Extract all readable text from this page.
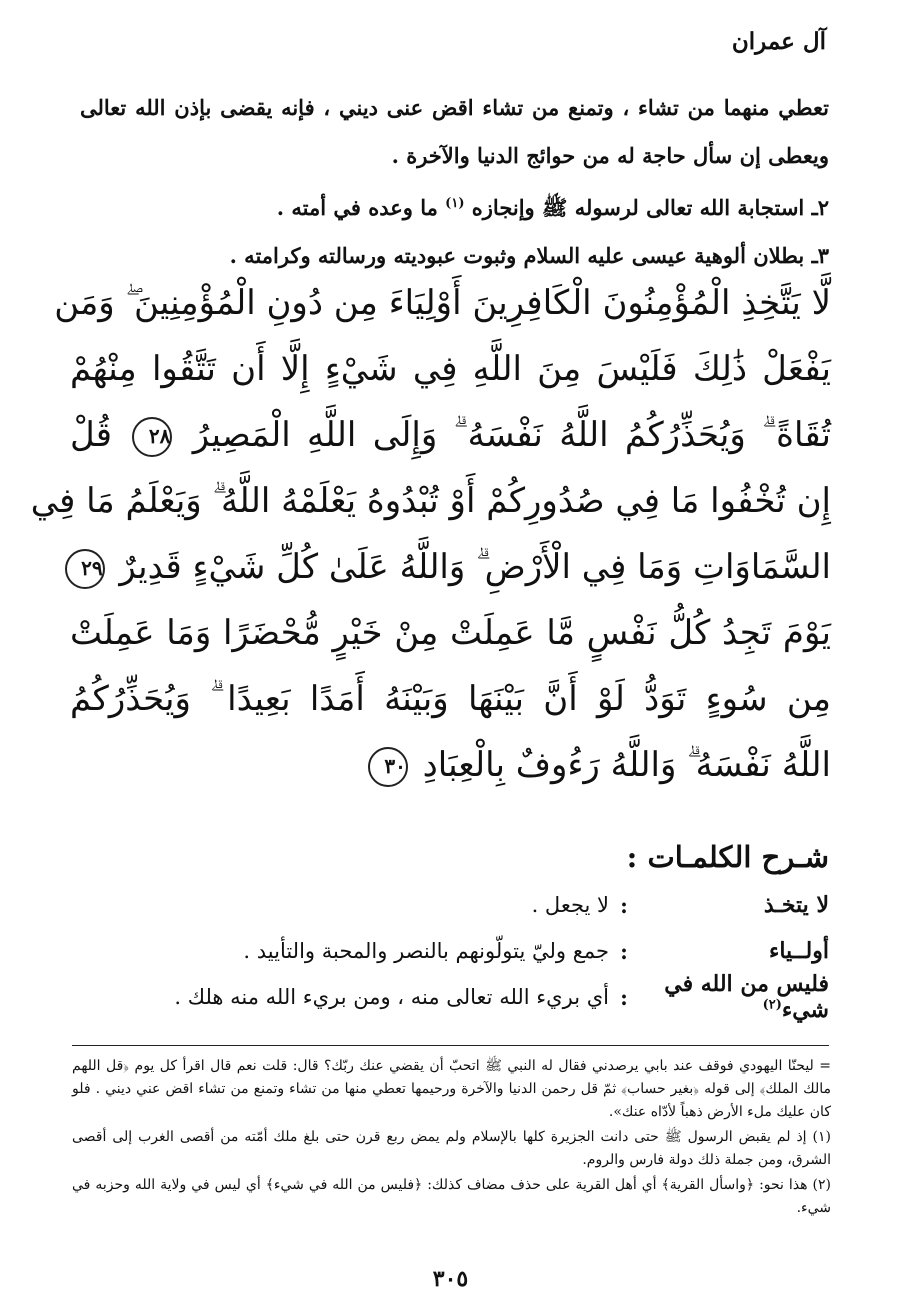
آل عمران

تعطي منهما من تشاء ، وتمنع من تشاء اقض عنى ديني ، فإنه يقضى بإذن الله تعالى ويعطى إن سأل حاجة له من حوائج الدنيا والآخرة .

٢ـ استجابة الله تعالى لرسوله ﷺ وإنجازه $^{(١)}$ ما وعده في أمته .

٣ـ بطلان ألوهية عيسى عليه السلام وثبوت عبوديته ورسالته وكرامته .

لَّا يَتَّخِذِ الْمُؤْمِنُونَ الْكَافِرِينَ أَوْلِيَاءَ مِن دُونِ الْمُؤْمِنِينَ ۖ وَمَن
يَفْعَلْ ذَٰلِكَ فَلَيْسَ مِنَ اللَّهِ فِي شَيْءٍ إِلَّا أَن تَتَّقُوا مِنْهُمْ
تُقَاةً ۗ وَيُحَذِّرُكُمُ اللَّهُ نَفْسَهُ ۗ وَإِلَى اللَّهِ الْمَصِيرُ ٢٨ قُلْ
إِن تُخْفُوا مَا فِي صُدُورِكُمْ أَوْ تُبْدُوهُ يَعْلَمْهُ اللَّهُ ۗ وَيَعْلَمُ مَا فِي
السَّمَاوَاتِ وَمَا فِي الْأَرْضِ ۗ وَاللَّهُ عَلَىٰ كُلِّ شَيْءٍ قَدِيرٌ ٢٩
يَوْمَ تَجِدُ كُلُّ نَفْسٍ مَّا عَمِلَتْ مِنْ خَيْرٍ مُّحْضَرًا وَمَا عَمِلَتْ
مِن سُوءٍ تَوَدُّ لَوْ أَنَّ بَيْنَهَا وَبَيْنَهُ أَمَدًا بَعِيدًا ۗ وَيُحَذِّرُكُمُ
اللَّهُ نَفْسَهُ ۗ وَاللَّهُ رَءُوفٌ بِالْعِبَادِ ٣٠
شـرح الكلمـات :
لا يتخـذ
:
لا يجعل .
أولــياء
:
جمع وليّ يتولّونهم بالنصر والمحبة والتأييد .
فليس من الله في شيء$^{(٢)}$
:
أي بريء الله تعالى منه ، ومن بريء الله منه هلك .

= ليحنّا اليهودي فوقف عند بابي يرصدني فقال له النبي ﷺ اتحبّ أن يقضي عنك ربّك؟ قال: قلت نعم قال اقرأ كل يوم ﴿قل اللهم مالك الملك﴾ إلى قوله ﴿بغير حساب﴾ ثمّ قل رحمن الدنيا والآخرة ورحيمها تعطي منها من تشاء وتمنع من تشاء اقض عني ديني . فلو كان عليك ملء الأرض ذهباً لأدّاه عنك».

(١) إذ لم يقبض الرسول ﷺ حتى دانت الجزيرة كلها بالإسلام ولم يمض ربع قرن حتى بلغ ملك أمّته من أقصى الغرب إلى أقصى الشرق، ومن جملة ذلك دولة فارس والروم.

(٢) هذا نحو: ﴿واسأل القرية﴾ أي أهل القرية على حذف مضاف كذلك: ﴿فليس من الله في شيء﴾ أي ليس في ولاية الله وحزبه في شيء.

٣٠٥
